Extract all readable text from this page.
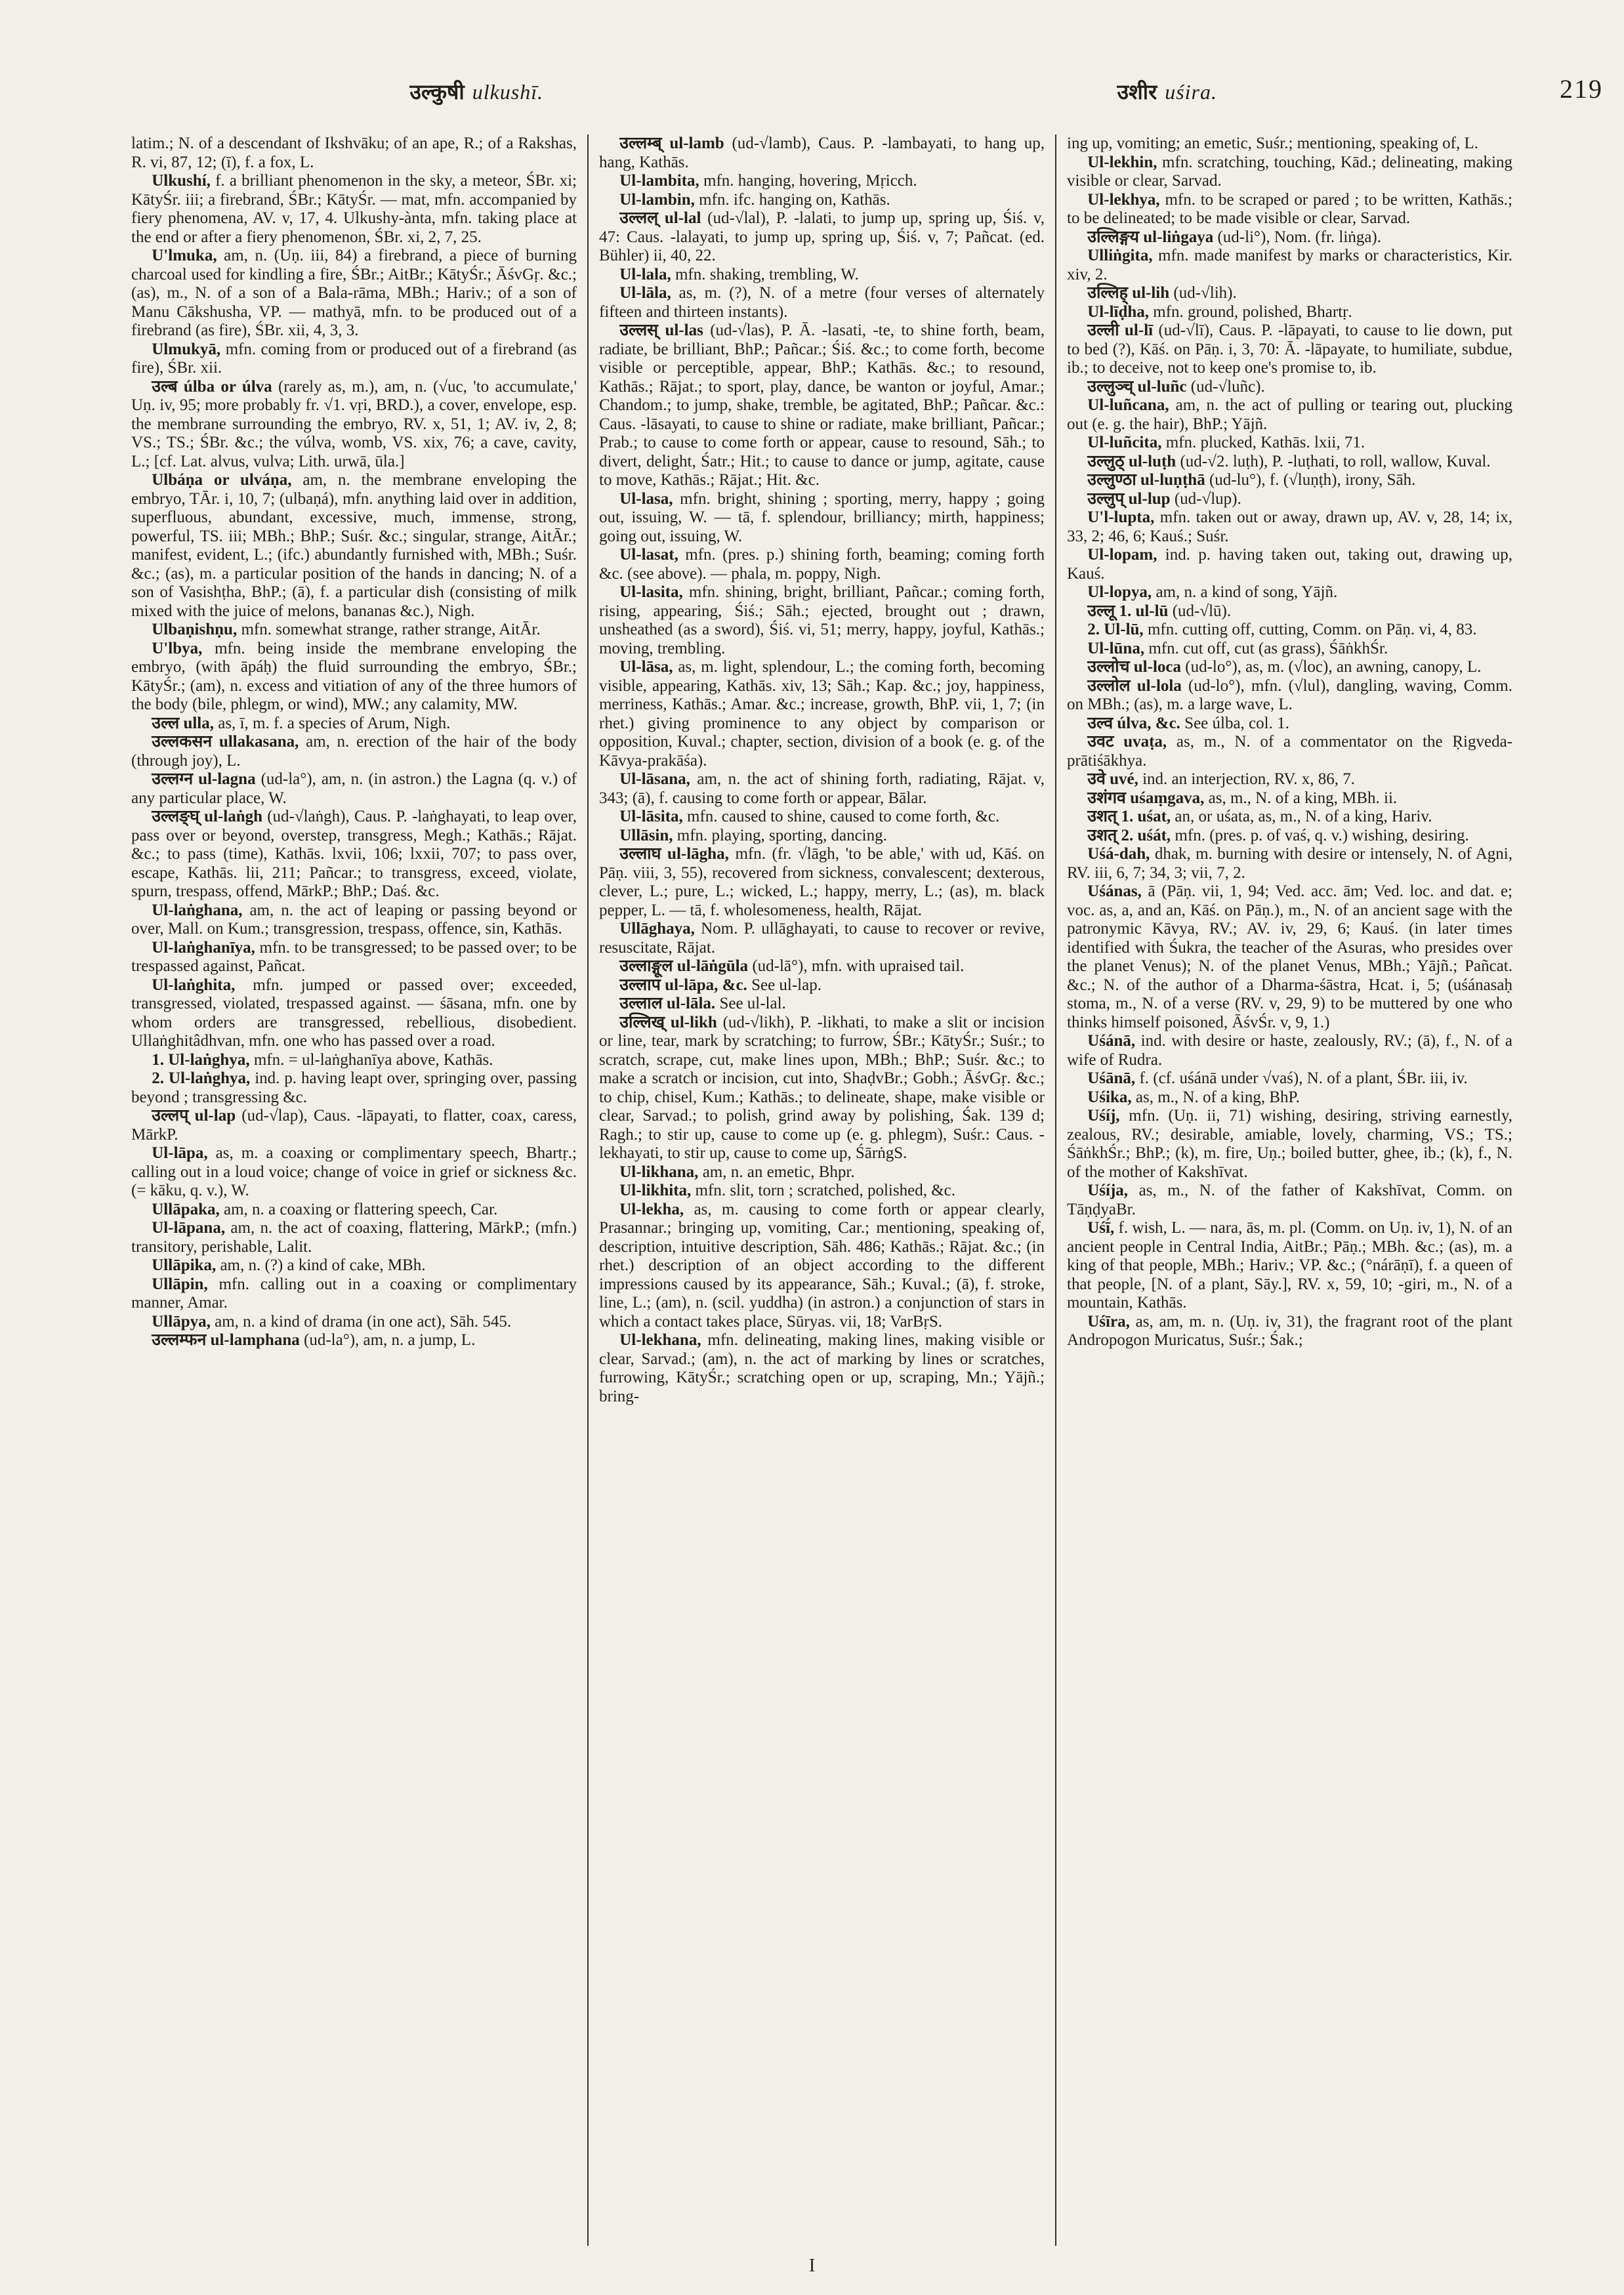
उल्कुषी ulkushī.	उशीर uśira.	219

latim.; N. of a descendant of Ikshvāku; of an ape, R.; of a Rakshas, R. vi, 87, 12; (ī), f. a fox, L.

Ulkushí, f. a brilliant phenomenon in the sky, a meteor, ŚBr. xi; KātyŚr. iii; a firebrand, ŚBr.; KātyŚr. — mat, mfn. accompanied by fiery phenomena, AV. v, 17, 4. Ulkushy-ànta, mfn. taking place at the end or after a fiery phenomenon, ŚBr. xi, 2, 7, 25.

U'lmuka, am, n. (Uṇ. iii, 84) a firebrand, a piece of burning charcoal used for kindling a fire, ŚBr.; AitBr.; KātyŚr.; ĀśvGṛ. &c.; (as), m., N. of a son of a Bala-rāma, MBh.; Hariv.; of a son of Manu Cākshusha, VP. — mathyā, mfn. to be produced out of a firebrand (as fire), ŚBr. xii, 4, 3, 3.

Ulmukyā, mfn. coming from or produced out of a firebrand (as fire), ŚBr. xii.

उल्ब úlba or úlva (rarely as, m.), am, n. (√uc, 'to accumulate,' Uṇ. iv, 95; more probably fr. √1. vṛi, BRD.), a cover, envelope, esp. the membrane surrounding the embryo, RV. x, 51, 1; AV. iv, 2, 8; VS.; TS.; ŚBr. &c.; the vúlva, womb, VS. xix, 76; a cave, cavity, L.; [cf. Lat. alvus, vulva; Lith. urwā, ūla.]

Ulbáṇa or ulváṇa, am, n. the membrane enveloping the embryo, TĀr. i, 10, 7; (ulbaṇá), mfn. anything laid over in addition, superfluous, abundant, excessive, much, immense, strong, powerful, TS. iii; MBh.; BhP.; Suśr. &c.; singular, strange, AitĀr.; manifest, evident, L.; (ifc.) abundantly furnished with, MBh.; Suśr. &c.; (as), m. a particular position of the hands in dancing; N. of a son of Vasishṭha, BhP.; (ā), f. a particular dish (consisting of milk mixed with the juice of melons, bananas &c.), Nigh.

Ulbaṇishṇu, mfn. somewhat strange, rather strange, AitĀr.

U'lbya, mfn. being inside the membrane enveloping the embryo, (with āpáḥ) the fluid surrounding the embryo, ŚBr.; KātyŚr.; (am), n. excess and vitiation of any of the three humors of the body (bile, phlegm, or wind), MW.; any calamity, MW.

उल्ल ulla, as, ī, m. f. a species of Arum, Nigh.

उल्लकसन ullakasana, am, n. erection of the hair of the body (through joy), L.

उल्लग्न ul-lagna (ud-la°), am, n. (in astron.) the Lagna (q. v.) of any particular place, W.

उल्लङ्घ् ul-laṅgh (ud-√laṅgh), Caus. P. -laṅghayati, to leap over, pass over or beyond, overstep, transgress, Megh.; Kathās.; Rājat. &c.; to pass (time), Kathās. lxvii, 106; lxxii, 707; to pass over, escape, Kathās. lii, 211; Pañcar.; to transgress, exceed, violate, spurn, trespass, offend, MārkP.; BhP.; Daś. &c.

Ul-laṅghana, am, n. the act of leaping or passing beyond or over, Mall. on Kum.; transgression, trespass, offence, sin, Kathās.

Ul-laṅghanīya, mfn. to be transgressed; to be passed over; to be trespassed against, Pañcat.

Ul-laṅghita, mfn. jumped or passed over; exceeded, transgressed, violated, trespassed against. — śāsana, mfn. one by whom orders are transgressed, rebellious, disobedient. Ullaṅghitâdhvan, mfn. one who has passed over a road.

1. Ul-laṅghya, mfn. = ul-laṅghanīya above, Kathās.

2. Ul-laṅghya, ind. p. having leapt over, springing over, passing beyond ; transgressing &c.

उल्लप् ul-lap (ud-√lap), Caus. -lāpayati, to flatter, coax, caress, MārkP.

Ul-lāpa, as, m. a coaxing or complimentary speech, Bhartṛ.; calling out in a loud voice; change of voice in grief or sickness &c. (= kāku, q. v.), W.

Ullāpaka, am, n. a coaxing or flattering speech, Car.

Ul-lāpana, am, n. the act of coaxing, flattering, MārkP.; (mfn.) transitory, perishable, Lalit.

Ullāpika, am, n. (?) a kind of cake, MBh.

Ullāpin, mfn. calling out in a coaxing or complimentary manner, Amar.

Ullāpya, am, n. a kind of drama (in one act), Sāh. 545.

उल्लम्फन ul-lamphana (ud-la°), am, n. a jump, L.

उल्लम्ब् ul-lamb (ud-√lamb), Caus. P. -lambayati, to hang up, hang, Kathās.

Ul-lambita, mfn. hanging, hovering, Mṛicch.

Ul-lambin, mfn. ifc. hanging on, Kathās.

उल्लल् ul-lal (ud-√lal), P. -lalati, to jump up, spring up, Śiś. v, 47: Caus. -lalayati, to jump up, spring up, Śiś. v, 7; Pañcat. (ed. Bühler) ii, 40, 22.

Ul-lala, mfn. shaking, trembling, W.

Ul-lāla, as, m. (?), N. of a metre (four verses of alternately fifteen and thirteen instants).

उल्लस् ul-las (ud-√las), P. Ā. -lasati, -te, to shine forth, beam, radiate, be brilliant, BhP.; Pañcar.; Śiś. &c.; to come forth, become visible or perceptible, appear, BhP.; Kathās. &c.; to resound, Kathās.; Rājat.; to sport, play, dance, be wanton or joyful, Amar.; Chandom.; to jump, shake, tremble, be agitated, BhP.; Pañcar. &c.: Caus. -lāsayati, to cause to shine or radiate, make brilliant, Pañcar.; Prab.; to cause to come forth or appear, cause to resound, Sāh.; to divert, delight, Śatr.; Hit.; to cause to dance or jump, agitate, cause to move, Kathās.; Rājat.; Hit. &c.

Ul-lasa, mfn. bright, shining ; sporting, merry, happy ; going out, issuing, W. — tā, f. splendour, brilliancy; mirth, happiness; going out, issuing, W.

Ul-lasat, mfn. (pres. p.) shining forth, beaming; coming forth &c. (see above). — phala, m. poppy, Nigh.

Ul-lasita, mfn. shining, bright, brilliant, Pañcar.; coming forth, rising, appearing, Śiś.; Sāh.; ejected, brought out ; drawn, unsheathed (as a sword), Śiś. vi, 51; merry, happy, joyful, Kathās.; moving, trembling.

Ul-lāsa, as, m. light, splendour, L.; the coming forth, becoming visible, appearing, Kathās. xiv, 13; Sāh.; Kap. &c.; joy, happiness, merriness, Kathās.; Amar. &c.; increase, growth, BhP. vii, 1, 7; (in rhet.) giving prominence to any object by comparison or opposition, Kuval.; chapter, section, division of a book (e. g. of the Kāvya-prakāśa).

Ul-lāsana, am, n. the act of shining forth, radiating, Rājat. v, 343; (ā), f. causing to come forth or appear, Bālar.

Ul-lāsita, mfn. caused to shine, caused to come forth, &c.

Ullāsin, mfn. playing, sporting, dancing.

उल्लाघ ul-lāgha, mfn. (fr. √lāgh, 'to be able,' with ud, Kāś. on Pāṇ. viii, 3, 55), recovered from sickness, convalescent; dexterous, clever, L.; pure, L.; wicked, L.; happy, merry, L.; (as), m. black pepper, L. — tā, f. wholesomeness, health, Rājat.

Ullāghaya, Nom. P. ullāghayati, to cause to recover or revive, resuscitate, Rājat.

उल्लाङ्गूल ul-lāṅgūla (ud-lā°), mfn. with upraised tail.

उल्लाप ul-lāpa, &c. See ul-lap.

उल्लाल ul-lāla. See ul-lal.

उल्लिख् ul-likh (ud-√likh), P. -likhati, to make a slit or incision or line, tear, mark by scratching; to furrow, ŚBr.; KātyŚr.; Suśr.; to scratch, scrape, cut, make lines upon, MBh.; BhP.; Suśr. &c.; to make a scratch or incision, cut into, ShaḍvBr.; Gobh.; ĀśvGṛ. &c.; to chip, chisel, Kum.; Kathās.; to delineate, shape, make visible or clear, Sarvad.; to polish, grind away by polishing, Śak. 139 d; Ragh.; to stir up, cause to come up (e. g. phlegm), Suśr.: Caus. -lekhayati, to stir up, cause to come up, ŚārṅgS.

Ul-likhana, am, n. an emetic, Bhpr.

Ul-likhita, mfn. slit, torn ; scratched, polished, &c.

Ul-lekha, as, m. causing to come forth or appear clearly, Prasannar.; bringing up, vomiting, Car.; mentioning, speaking of, description, intuitive description, Sāh. 486; Kathās.; Rājat. &c.; (in rhet.) description of an object according to the different impressions caused by its appearance, Sāh.; Kuval.; (ā), f. stroke, line, L.; (am), n. (scil. yuddha) (in astron.) a conjunction of stars in which a contact takes place, Sūryas. vii, 18; VarBṛS.

Ul-lekhana, mfn. delineating, making lines, making visible or clear, Sarvad.; (am), n. the act of marking by lines or scratches, furrowing, KātyŚr.; scratching open or up, scraping, Mn.; Yājñ.; bring-

ing up, vomiting; an emetic, Suśr.; mentioning, speaking of, L.

Ul-lekhin, mfn. scratching, touching, Kād.; delineating, making visible or clear, Sarvad.

Ul-lekhya, mfn. to be scraped or pared ; to be written, Kathās.; to be delineated; to be made visible or clear, Sarvad.

उल्लिङ्गय ul-liṅgaya (ud-li°), Nom. (fr. liṅga).

Ulliṅgita, mfn. made manifest by marks or characteristics, Kir. xiv, 2.

उल्लिह् ul-lih (ud-√lih).

Ul-līḍha, mfn. ground, polished, Bhartṛ.

उल्ली ul-lī (ud-√lī), Caus. P. -lāpayati, to cause to lie down, put to bed (?), Kāś. on Pāṇ. i, 3, 70: Ā. -lāpayate, to humiliate, subdue, ib.; to deceive, not to keep one's promise to, ib.

उल्लुञ्च् ul-luñc (ud-√luñc).

Ul-luñcana, am, n. the act of pulling or tearing out, plucking out (e. g. the hair), BhP.; Yājñ.

Ul-luñcita, mfn. plucked, Kathās. lxii, 71.

उल्लुठ् ul-luṭh (ud-√2. luṭh), P. -luṭhati, to roll, wallow, Kuval.

उल्लुण्ठा ul-luṇṭhā (ud-lu°), f. (√luṇṭh), irony, Sāh.

उल्लुप् ul-lup (ud-√lup).

U'l-lupta, mfn. taken out or away, drawn up, AV. v, 28, 14; ix, 33, 2; 46, 6; Kauś.; Suśr.

Ul-lopam, ind. p. having taken out, taking out, drawing up, Kauś.

Ul-lopya, am, n. a kind of song, Yājñ.

उल्लू 1. ul-lū (ud-√lū).

2. Ul-lū, mfn. cutting off, cutting, Comm. on Pāṇ. vi, 4, 83.

Ul-lūna, mfn. cut off, cut (as grass), ŚāṅkhŚr.

उल्लोच ul-loca (ud-lo°), as, m. (√loc), an awning, canopy, L.

उल्लोल ul-lola (ud-lo°), mfn. (√lul), dangling, waving, Comm. on MBh.; (as), m. a large wave, L.

उल्व úlva, &c. See úlba, col. 1.

उवट uvaṭa, as, m., N. of a commentator on the Ṛigveda-prātiśākhya.

उवे uvé, ind. an interjection, RV. x, 86, 7.

उशंगव uśaṃgava, as, m., N. of a king, MBh. ii.

उशत् 1. uśat, an, or uśata, as, m., N. of a king, Hariv.

उशत् 2. uśát, mfn. (pres. p. of vaś, q. v.) wishing, desiring.

Uśá-dah, dhak, m. burning with desire or intensely, N. of Agni, RV. iii, 6, 7; 34, 3; vii, 7, 2.

Uśánas, ā (Pāṇ. vii, 1, 94; Ved. acc. ām; Ved. loc. and dat. e; voc. as, a, and an, Kāś. on Pāṇ.), m., N. of an ancient sage with the patronymic Kāvya, RV.; AV. iv, 29, 6; Kauś. (in later times identified with Śukra, the teacher of the Asuras, who presides over the planet Venus); N. of the planet Venus, MBh.; Yājñ.; Pañcat. &c.; N. of the author of a Dharma-śāstra, Hcat. i, 5; (uśánasaḥ stoma, m., N. of a verse (RV. v, 29, 9) to be muttered by one who thinks himself poisoned, ĀśvŚr. v, 9, 1.)

Uśánā, ind. with desire or haste, zealously, RV.; (ā), f., N. of a wife of Rudra.

Uśānā, f. (cf. uśánā under √vaś), N. of a plant, ŚBr. iii, iv.

Uśika, as, m., N. of a king, BhP.

Uśíj, mfn. (Uṇ. ii, 71) wishing, desiring, striving earnestly, zealous, RV.; desirable, amiable, lovely, charming, VS.; TS.; ŚāṅkhŚr.; BhP.; (k), m. fire, Uṇ.; boiled butter, ghee, ib.; (k), f., N. of the mother of Kakshīvat.

Uśíja, as, m., N. of the father of Kakshīvat, Comm. on TāṇḍyaBr.

Uśī́, f. wish, L. — nara, ās, m. pl. (Comm. on Uṇ. iv, 1), N. of an ancient people in Central India, AitBr.; Pāṇ.; MBh. &c.; (as), m. a king of that people, MBh.; Hariv.; VP. &c.; (°nárāṇī), f. a queen of that people, [N. of a plant, Sāy.], RV. x, 59, 10; -giri, m., N. of a mountain, Kathās.

Uśīra, as, am, m. n. (Uṇ. iv, 31), the fragrant root of the plant Andropogon Muricatus, Suśr.; Śak.;

I
